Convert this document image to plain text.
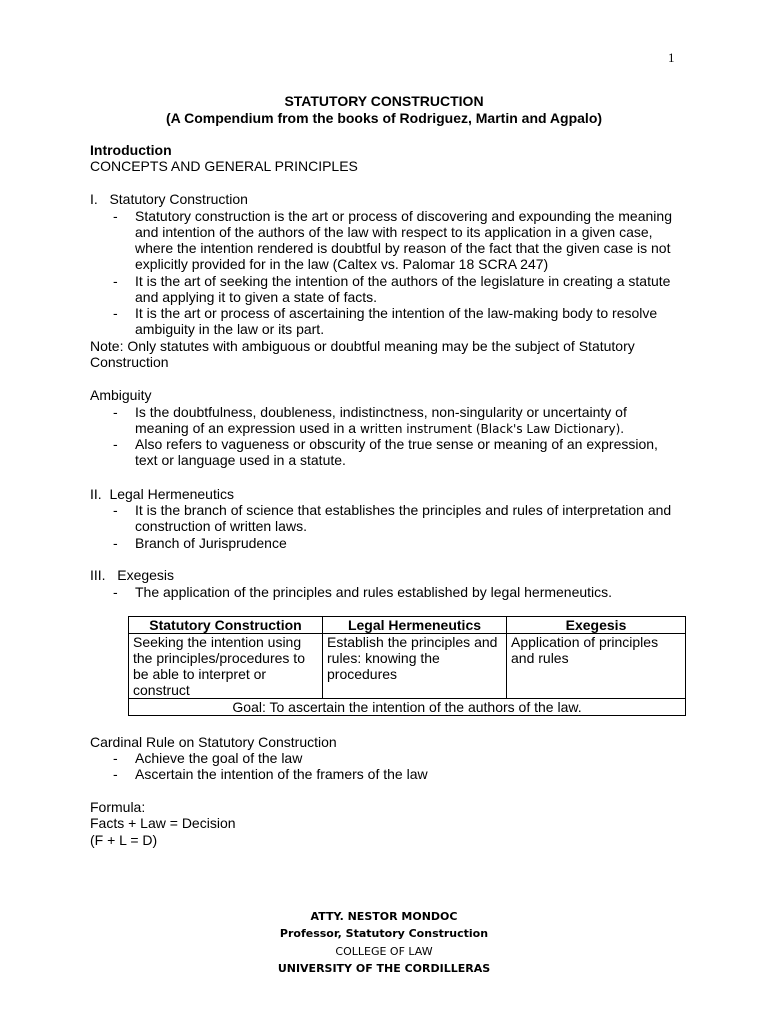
1
STATUTORY CONSTRUCTION
(A Compendium from the books of Rodriguez, Martin and Agpalo)
Introduction
CONCEPTS AND GENERAL PRINCIPLES
I.   Statutory Construction
- Statutory construction is the art or process of discovering and expounding the meaning and intention of the authors of the law with respect to its application in a given case, where the intention rendered is doubtful by reason of the fact that the given case is not explicitly provided for in the law (Caltex vs. Palomar 18 SCRA 247)
- It is the art of seeking the intention of the authors of the legislature in creating a statute and applying it to given a state of facts.
- It is the art or process of ascertaining the intention of the law-making body to resolve ambiguity in the law or its part.
Note: Only statutes with ambiguous or doubtful meaning may be the subject of Statutory Construction
Ambiguity
- Is the doubtfulness, doubleness, indistinctness, non-singularity or uncertainty of meaning of an expression used in a written instrument (Black's Law Dictionary).
- Also refers to vagueness or obscurity of the true sense or meaning of an expression, text or language used in a statute.
II.  Legal Hermeneutics
- It is the branch of science that establishes the principles and rules of interpretation and construction of written laws.
- Branch of Jurisprudence
III.   Exegesis
- The application of the principles and rules established by legal hermeneutics.
Statutory Construction	Legal Hermeneutics	Exegesis
Seeking the intention using the principles/procedures to be able to interpret or construct	Establish the principles and rules: knowing the procedures	Application of principles and rules
Goal: To ascertain the intention of the authors of the law.		
Cardinal Rule on Statutory Construction
- Achieve the goal of the law
- Ascertain the intention of the framers of the law
Formula:
Facts + Law = Decision
(F + L = D)
ATTY. NESTOR MONDOC
Professor, Statutory Construction
COLLEGE OF LAW
UNIVERSITY OF THE CORDILLERAS
